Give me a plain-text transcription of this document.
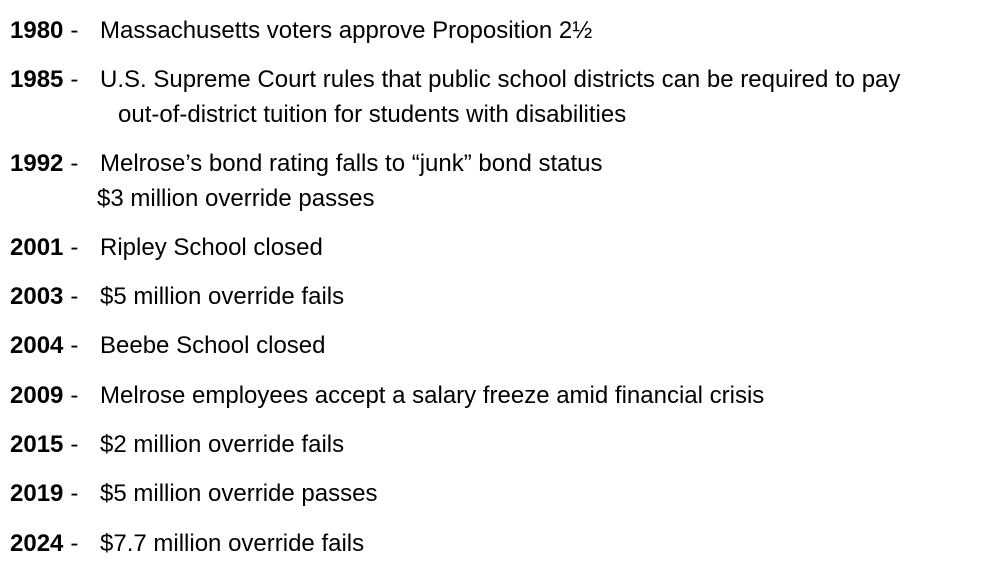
1980 - Massachusetts voters approve Proposition 2½
1985 - U.S. Supreme Court rules that public school districts can be required to pay
out-of-district tuition for students with disabilities
1992 - Melrose’s bond rating falls to “junk” bond status
$3 million override passes
2001 - Ripley School closed
2003 - $5 million override fails
2004 - Beebe School closed
2009 - Melrose employees accept a salary freeze amid financial crisis
2015 - $2 million override fails
2019 - $5 million override passes
2024 - $7.7 million override fails
